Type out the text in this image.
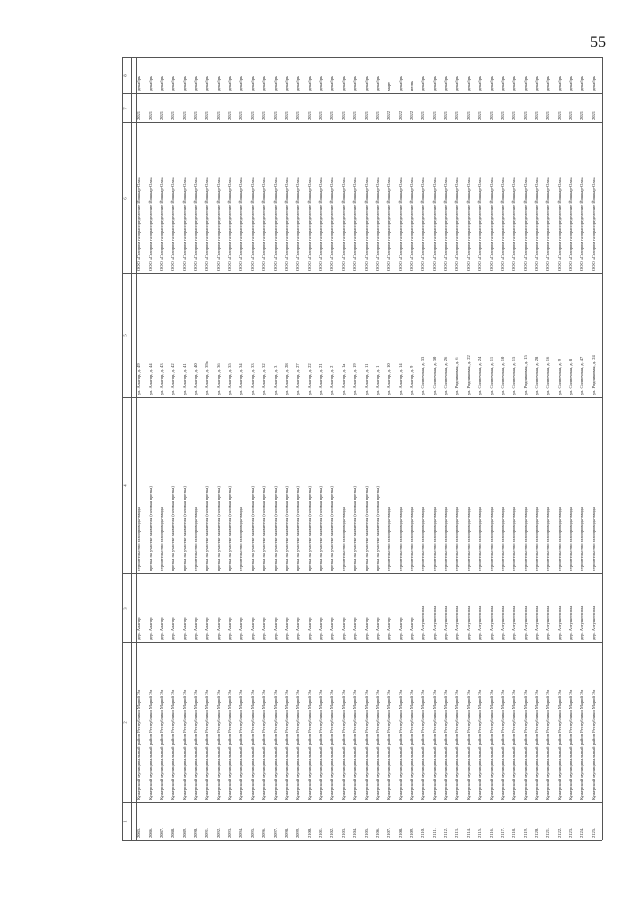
55
1
2
3
4
5
6
7
8
2085.
Кужерский муниципальный район Республики Марий Эл
дер. Алагор
строительство газопровода-ввода
ул. Алагор, д. 49
ООО «Газпром газораспределение Йошкар-Ола»
2021
декабрь
2086.
Кужерский муниципальный район Республики Марий Эл
дер. Алагор
врезка на участке заявителя (газовая врезка)
ул. Алагор, д. 44
ООО «Газпром газораспределение Йошкар-Ола»
2021
декабрь
2087.
Кужерский муниципальный район Республики Марий Эл
дер. Алагор
строительство газопровода-ввода
ул. Алагор, д. 43
ООО «Газпром газораспределение Йошкар-Ола»
2021
декабрь
2088.
Кужерский муниципальный район Республики Марий Эл
дер. Алагор
врезка на участке заявителя (газовая врезка)
ул. Алагор, д. 42
ООО «Газпром газораспределение Йошкар-Ола»
2021
декабрь
2089.
Кужерский муниципальный район Республики Марий Эл
дер. Алагор
врезка на участке заявителя (газовая врезка)
ул. Алагор, д. 41
ООО «Газпром газораспределение Йошкар-Ола»
2021
декабрь
2090.
Кужерский муниципальный район Республики Марий Эл
дер. Алагор
строительство газопровода-ввода
ул. Алагор, д. 40
ООО «Газпром газораспределение Йошкар-Ола»
2021
декабрь
2091.
Кужерский муниципальный район Республики Марий Эл
дер. Алагор
врезка на участке заявителя (газовая врезка)
ул. Алагор, д. 39а
ООО «Газпром газораспределение Йошкар-Ола»
2021
декабрь
2092.
Кужерский муниципальный район Республики Марий Эл
дер. Алагор
врезка на участке заявителя (газовая врезка)
ул. Алагор, д. 36
ООО «Газпром газораспределение Йошкар-Ола»
2021
декабрь
2093.
Кужерский муниципальный район Республики Марий Эл
дер. Алагор
врезка на участке заявителя (газовая врезка)
ул. Алагор, д. 35
ООО «Газпром газораспределение Йошкар-Ола»
2021
декабрь
2094.
Кужерский муниципальный район Республики Марий Эл
дер. Алагор
строительство газопровода-ввода
ул. Алагор, д. 34
ООО «Газпром газораспределение Йошкар-Ола»
2021
декабрь
2095.
Кужерский муниципальный район Республики Марий Эл
дер. Алагор
врезка на участке заявителя (газовая врезка)
ул. Алагор, д. 33
ООО «Газпром газораспределение Йошкар-Ола»
2021
декабрь
2096.
Кужерский муниципальный район Республики Марий Эл
дер. Алагор
врезка на участке заявителя (газовая врезка)
ул. Алагор, д. 32
ООО «Газпром газораспределение Йошкар-Ола»
2021
декабрь
2097.
Кужерский муниципальный район Республики Марий Эл
дер. Алагор
врезка на участке заявителя (газовая врезка)
ул. Алагор, д. 3
ООО «Газпром газораспределение Йошкар-Ола»
2021
декабрь
2098.
Кужерский муниципальный район Республики Марий Эл
дер. Алагор
врезка на участке заявителя (газовая врезка)
ул. Алагор, д. 28
ООО «Газпром газораспределение Йошкар-Ола»
2021
декабрь
2099.
Кужерский муниципальный район Республики Марий Эл
дер. Алагор
врезка на участке заявителя (газовая врезка)
ул. Алагор, д. 27
ООО «Газпром газораспределение Йошкар-Ола»
2021
декабрь
2100.
Кужерский муниципальный район Республики Марий Эл
дер. Алагор
врезка на участке заявителя (газовая врезка)
ул. Алагор, д. 22
ООО «Газпром газораспределение Йошкар-Ола»
2021
декабрь
2101.
Кужерский муниципальный район Республики Марий Эл
дер. Алагор
врезка на участке заявителя (газовая врезка)
ул. Алагор, д. 21
ООО «Газпром газораспределение Йошкар-Ола»
2021
декабрь
2102.
Кужерский муниципальный район Республики Марий Эл
дер. Алагор
врезка на участке заявителя (газовая врезка)
ул. Алагор, д. 2
ООО «Газпром газораспределение Йошкар-Ола»
2021
декабрь
2103.
Кужерский муниципальный район Республики Марий Эл
дер. Алагор
строительство газопровода-ввода
ул. Алагор, д. 1а
ООО «Газпром газораспределение Йошкар-Ола»
2021
декабрь
2104.
Кужерский муниципальный район Республики Марий Эл
дер. Алагор
врезка на участке заявителя (газовая врезка)
ул. Алагор, д. 19
ООО «Газпром газораспределение Йошкар-Ола»
2021
декабрь
2105.
Кужерский муниципальный район Республики Марий Эл
дер. Алагор
врезка на участке заявителя (газовая врезка)
ул. Алагор, д. 11
ООО «Газпром газораспределение Йошкар-Ола»
2021
декабрь
2106.
Кужерский муниципальный район Республики Марий Эл
дер. Алагор
врезка на участке заявителя (газовая врезка)
ул. Алагор, д. 1
ООО «Газпром газораспределение Йошкар-Ола»
2021
декабрь
2107.
Кужерский муниципальный район Республики Марий Эл
дер. Алагор
строительство газопровода-ввода
ул. Алагор, д. 10
ООО «Газпром газораспределение Йошкар-Ола»
2022
март
2108.
Кужерский муниципальный район Республики Марий Эл
дер. Алагор
строительство газопровода-ввода
ул. Алагор, д. 14
ООО «Газпром газораспределение Йошкар-Ола»
2022
декабрь
2109.
Кужерский муниципальный район Республики Марий Эл
дер. Алагор
строительство газопровода-ввода
ул. Алагор, д. 9
ООО «Газпром газораспределение Йошкар-Ола»
2022
июнь
2110.
Кужерский муниципальный район Республики Марий Эл
дер. Азгушенсола
строительство газопровода-ввода
ул. Солнечная, д. 33
ООО «Газпром газораспределение Йошкар-Ола»
2021
декабрь
2111.
Кужерский муниципальный район Республики Марий Эл
дер. Азгушенсола
строительство газопровода-ввода
ул. Солнечная, д. 30
ООО «Газпром газораспределение Йошкар-Ола»
2021
декабрь
2112.
Кужерский муниципальный район Республики Марий Эл
дер. Азгушенсола
строительство газопровода-ввода
ул. Солнечная, д. 26
ООО «Газпром газораспределение Йошкар-Ола»
2021
декабрь
2113.
Кужерский муниципальный район Республики Марий Эл
дер. Азгушенсола
строительство газопровода-ввода
ул. Родниковая, д. 6
ООО «Газпром газораспределение Йошкар-Ола»
2021
декабрь
2114.
Кужерский муниципальный район Республики Марий Эл
дер. Азгушенсола
строительство газопровода-ввода
ул. Родниковая, д. 22
ООО «Газпром газораспределение Йошкар-Ола»
2021
декабрь
2115.
Кужерский муниципальный район Республики Марий Эл
дер. Азгушенсола
строительство газопровода-ввода
ул. Солнечная, д. 24
ООО «Газпром газораспределение Йошкар-Ола»
2021
декабрь
2116.
Кужерский муниципальный район Республики Марий Эл
дер. Азгушенсола
строительство газопровода-ввода
ул. Солнечная, д. 11
ООО «Газпром газораспределение Йошкар-Ола»
2021
декабрь
2117.
Кужерский муниципальный район Республики Марий Эл
дер. Азгушенсола
строительство газопровода-ввода
ул. Солнечная, д. 10
ООО «Газпром газораспределение Йошкар-Ола»
2021
декабрь
2118.
Кужерский муниципальный район Республики Марий Эл
дер. Азгушенсола
строительство газопровода-ввода
ул. Солнечная, д. 15
ООО «Газпром газораспределение Йошкар-Ола»
2021
декабрь
2119.
Кужерский муниципальный район Республики Марий Эл
дер. Азгушенсола
строительство газопровода-ввода
ул. Родниковая, д. 15
ООО «Газпром газораспределение Йошкар-Ола»
2021
декабрь
2120.
Кужерский муниципальный район Республики Марий Эл
дер. Азгушенсола
строительство газопровода-ввода
ул. Солнечная, д. 28
ООО «Газпром газораспределение Йошкар-Ола»
2021
декабрь
2121.
Кужерский муниципальный район Республики Марий Эл
дер. Азгушенсола
строительство газопровода-ввода
ул. Солнечная, д. 16
ООО «Газпром газораспределение Йошкар-Ола»
2021
декабрь
2122.
Кужерский муниципальный район Республики Марий Эл
дер. Азгушенсола
строительство газопровода-ввода
ул. Солнечная, д. 9
ООО «Газпром газораспределение Йошкар-Ола»
2021
декабрь
2123.
Кужерский муниципальный район Республики Марий Эл
дер. Азгушенсола
строительство газопровода-ввода
ул. Солнечная, д. 8
ООО «Газпром газораспределение Йошкар-Ола»
2021
декабрь
2124.
Кужерский муниципальный район Республики Марий Эл
дер. Азгушенсола
строительство газопровода-ввода
ул. Солнечная, д. 47
ООО «Газпром газораспределение Йошкар-Ола»
2021
декабрь
2125.
Кужерский муниципальный район Республики Марий Эл
дер. Азгушенсола
строительство газопровода-ввода
ул. Родниковая, д. 24
ООО «Газпром газораспределение Йошкар-Ола»
2021
декабрь
